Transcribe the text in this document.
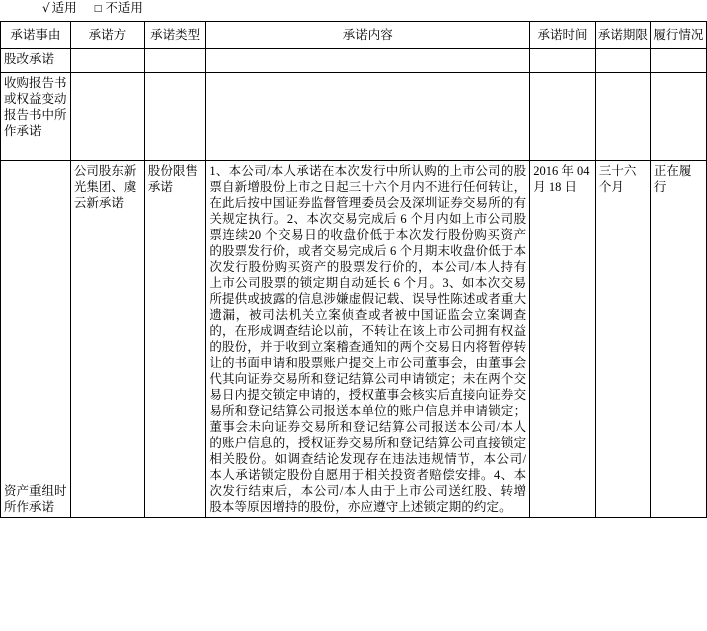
√ 适用 □ 不适用
承诺事由	承诺方	承诺类型	承诺内容	承诺时间	承诺期限	履行情况
股改承诺						
收购报告书或权益变动报告书中所作承诺						
资产重组时所作承诺	公司股东新光集团、虞云新承诺	股份限售承诺	1、本公司/本人承诺在本次发行中所认购的上市公司的股票自新增股份上市之日起三十六个月内不进行任何转让，在此后按中国证券监督管理委员会及深圳证券交易所的有关规定执行。2、本次交易完成后 6 个月内如上市公司股票连续20 个交易日的收盘价低于本次发行股份购买资产的股票发行价，或者交易完成后 6 个月期末收盘价低于本次发行股份购买资产的股票发行价的，本公司/本人持有上市公司股票的锁定期自动延长 6 个月。3、如本次交易所提供或披露的信息涉嫌虚假记载、误导性陈述或者重大遗漏，被司法机关立案侦查或者被中国证监会立案调查的，在形成调查结论以前，不转让在该上市公司拥有权益的股份，并于收到立案稽查通知的两个交易日内将暂停转让的书面申请和股票账户提交上市公司董事会，由董事会代其向证券交易所和登记结算公司申请锁定；未在两个交易日内提交锁定申请的，授权董事会核实后直接向证券交易所和登记结算公司报送本单位的账户信息并申请锁定；董事会未向证券交易所和登记结算公司报送本公司/本人的账户信息的，授权证券交易所和登记结算公司直接锁定相关股份。如调查结论发现存在违法违规情节，本公司/本人承诺锁定股份自愿用于相关投资者赔偿安排。4、本次发行结束后，本公司/本人由于上市公司送红股、转增股本等原因增持的股份，亦应遵守上述锁定期的约定。	2016 年 04 月 18 日	三十六个月	正在履行
